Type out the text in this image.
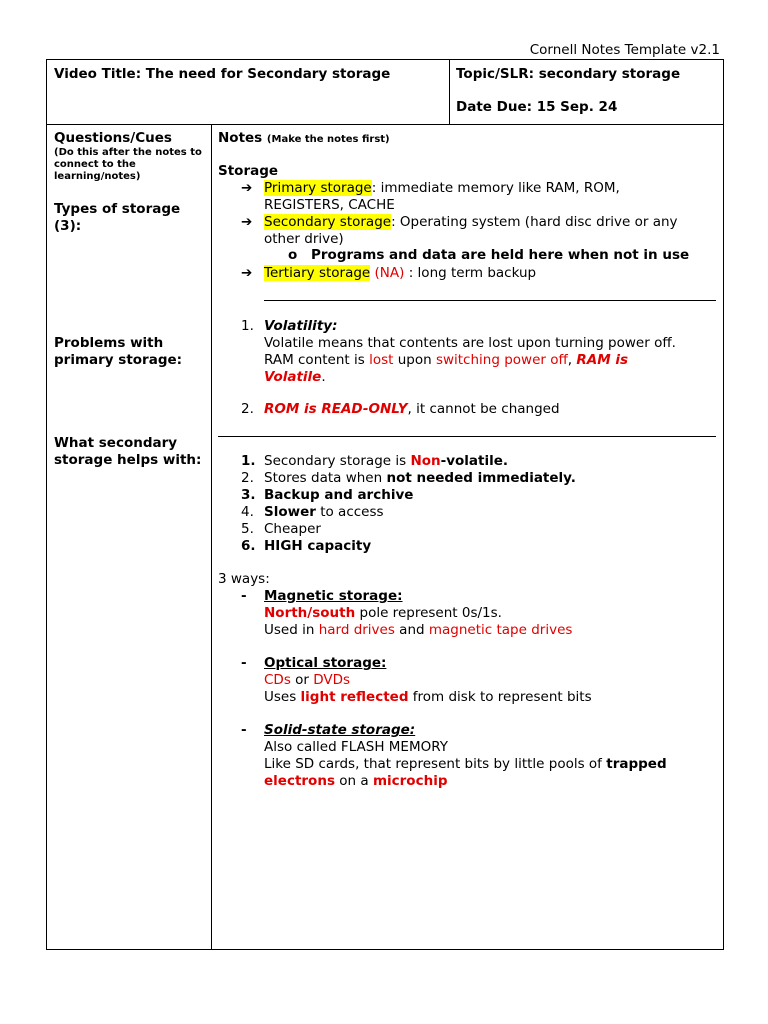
Cornell Notes Template v2.1
Video Title: The need for Secondary storage	Topic/SLR: secondary storage
Date Due: 15 Sep. 24
Questions/Cues
(Do this after the notes to connect to the learning/notes)
Types of storage (3):
Problems with primary storage:
What secondary storage helps with:
Notes (Make the notes first)
Storage
➔ Primary storage: immediate memory like RAM, ROM,
REGISTERS, CACHE
➔ Secondary storage: Operating system (hard disc drive or any
other drive)
o Programs and data are held here when not in use
➔ Tertiary storage (NA) : long term backup
1. Volatility:
Volatile means that contents are lost upon turning power off.
RAM content is lost upon switching power off, RAM is
Volatile.
2. ROM is READ-ONLY, it cannot be changed
1. Secondary storage is Non-volatile.
2. Stores data when not needed immediately.
3. Backup and archive
4. Slower to access
5. Cheaper
6. HIGH capacity
3 ways:
- Magnetic storage:
North/south pole represent 0s/1s.
Used in hard drives and magnetic tape drives
- Optical storage:
CDs or DVDs
Uses light reflected from disk to represent bits
- Solid-state storage:
Also called FLASH MEMORY
Like SD cards, that represent bits by little pools of trapped
electrons on a microchip
